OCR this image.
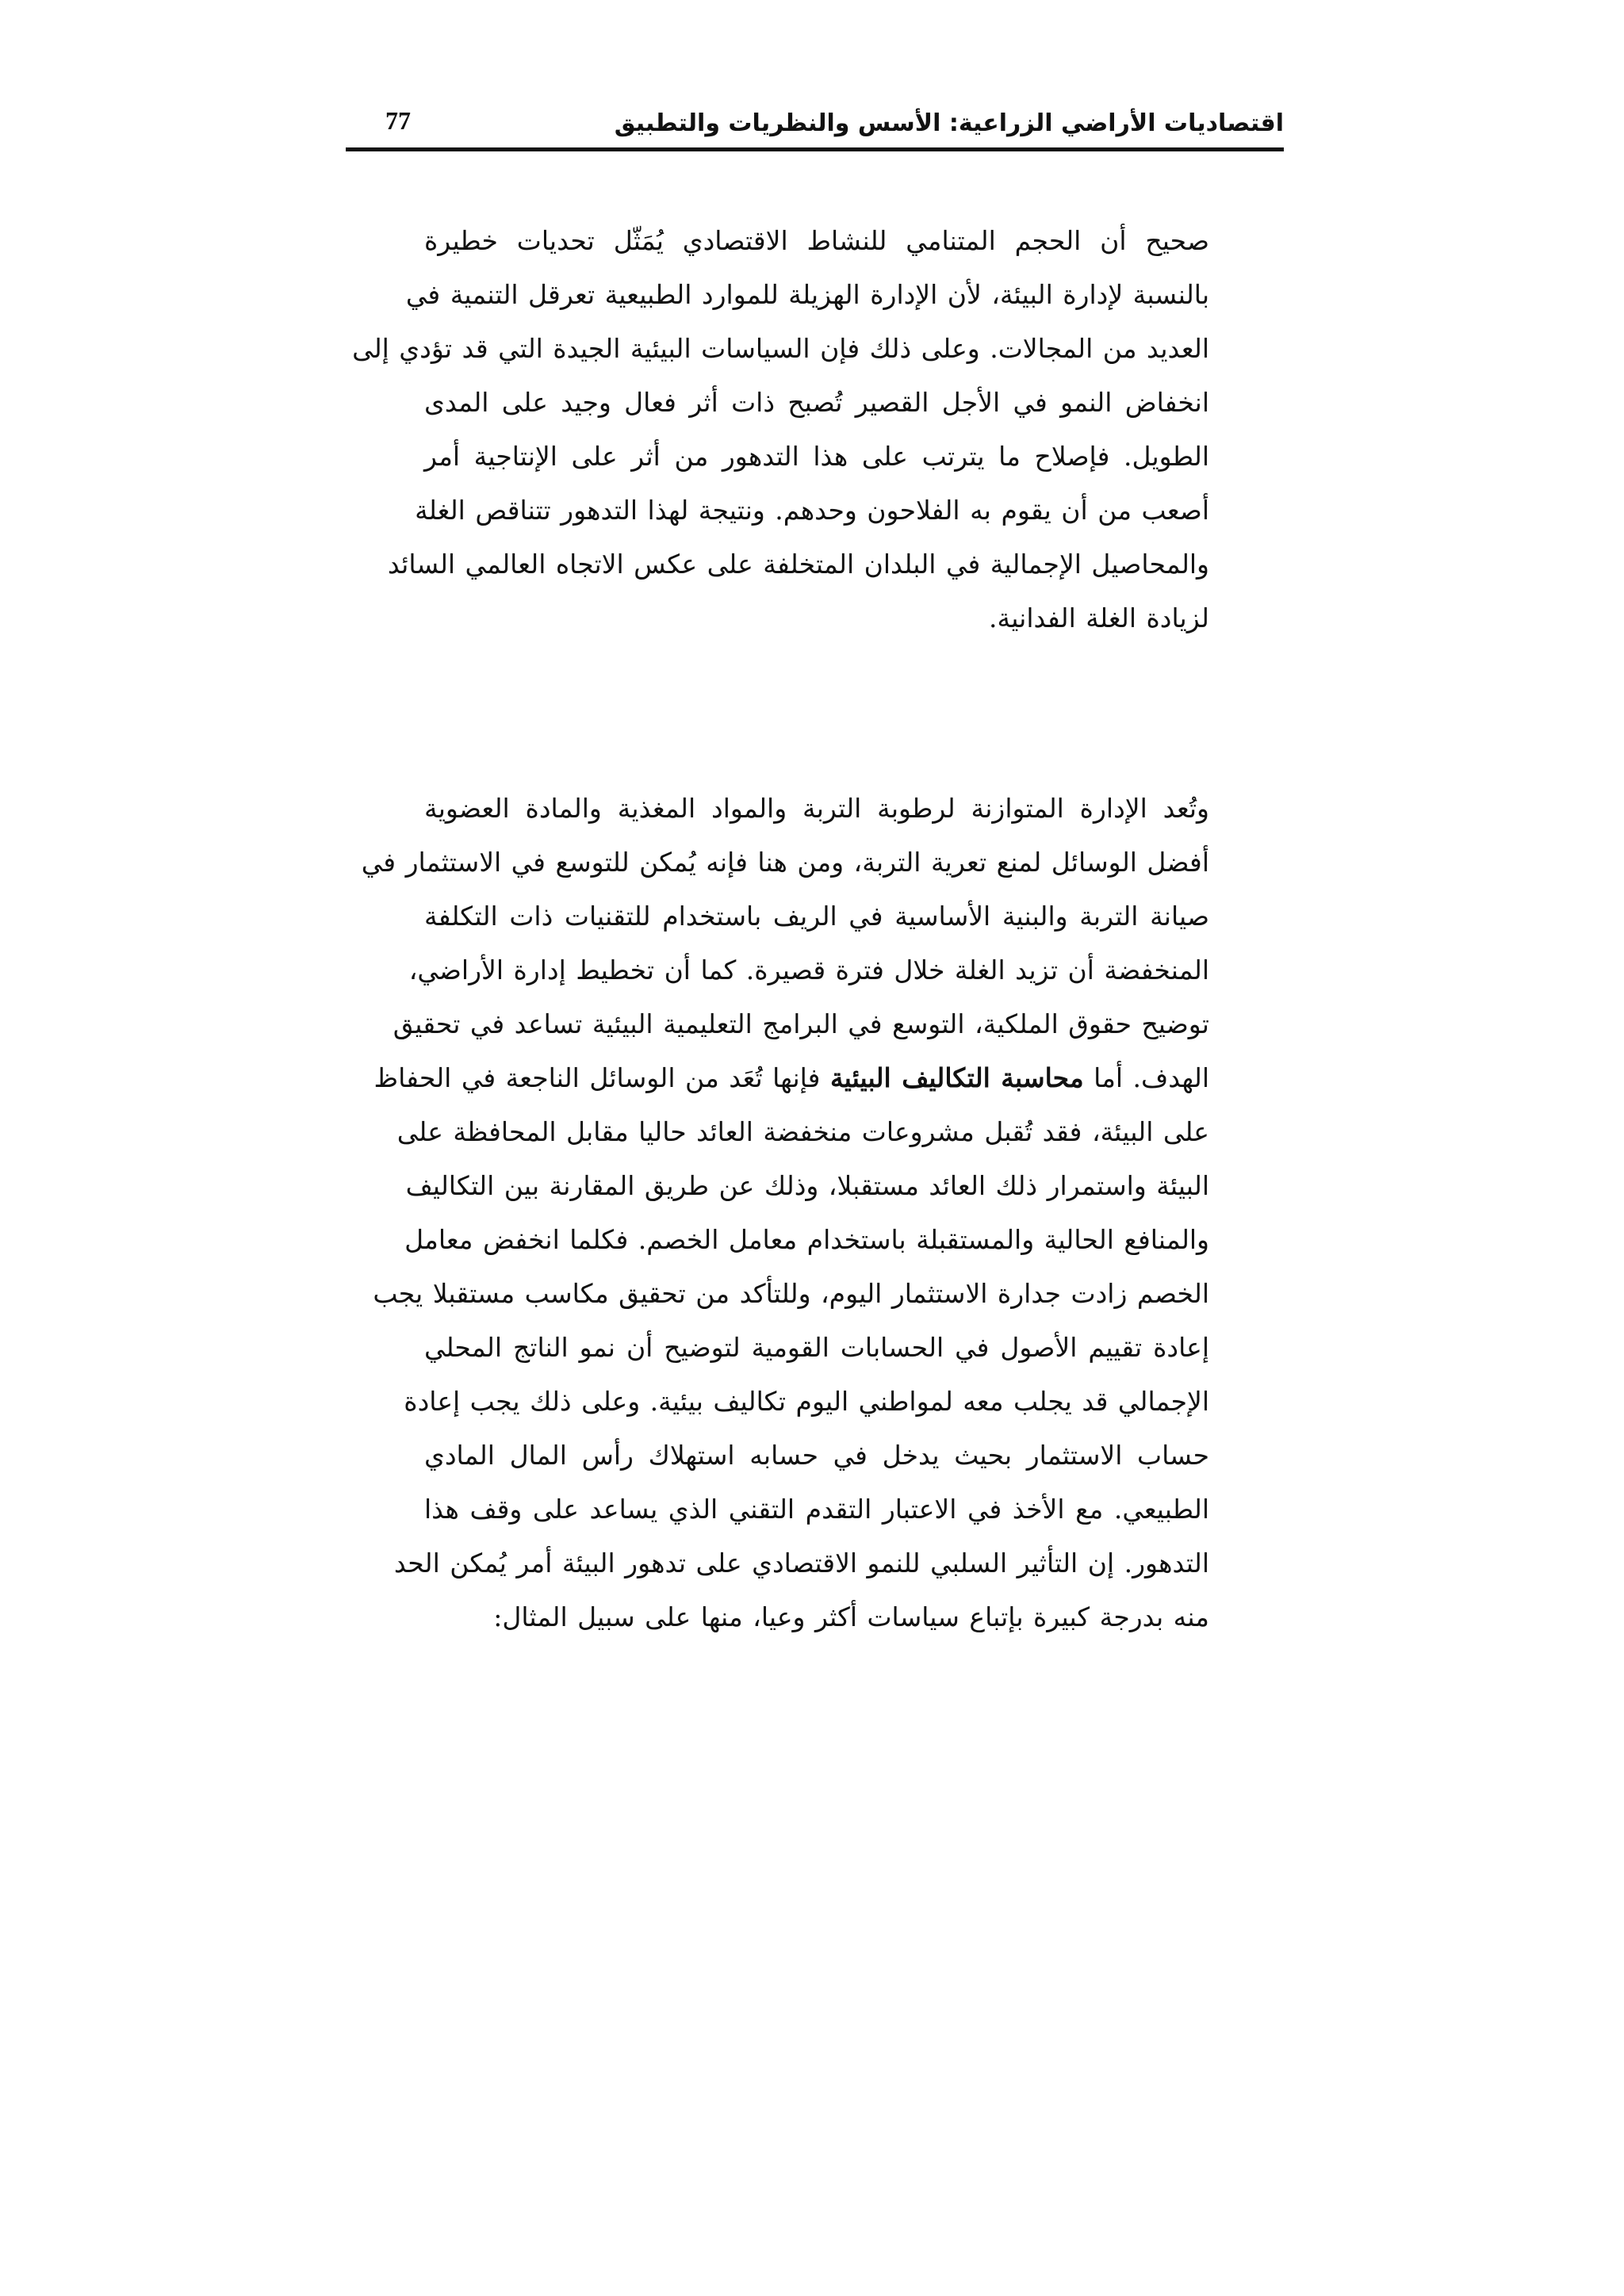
اقتصاديات الأراضي الزراعية: الأسس والنظريات والتطبيق
77
صحيح أن الحجم المتنامي للنشاط الاقتصادي يُمَثّل تحديات خطيرة
بالنسبة لإدارة البيئة، لأن الإدارة الهزيلة للموارد الطبيعية تعرقل التنمية في
العديد من المجالات. وعلى ذلك فإن السياسات البيئية الجيدة التي قد تؤدي إلى
انخفاض النمو في الأجل القصير تُصبح ذات أثر فعال وجيد على المدى
الطويل. فإصلاح ما يترتب على هذا التدهور من أثر على الإنتاجية أمر
أصعب من أن يقوم به الفلاحون وحدهم. ونتيجة لهذا التدهور تتناقص الغلة
والمحاصيل الإجمالية في البلدان المتخلفة على عكس الاتجاه العالمي السائد
لزيادة الغلة الفدانية.
وتُعد الإدارة المتوازنة لرطوبة التربة والمواد المغذية والمادة العضوية
أفضل الوسائل لمنع تعرية التربة، ومن هنا فإنه يُمكن للتوسع في الاستثمار في
صيانة التربة والبنية الأساسية في الريف باستخدام للتقنيات ذات التكلفة
المنخفضة أن تزيد الغلة خلال فترة قصيرة. كما أن تخطيط إدارة الأراضي،
توضيح حقوق الملكية، التوسع في البرامج التعليمية البيئية تساعد في تحقيق
الهدف. أما محاسبة التكاليف البيئية فإنها تُعَد من الوسائل الناجعة في الحفاظ
على البيئة، فقد تُقبل مشروعات منخفضة العائد حاليا مقابل المحافظة على
البيئة واستمرار ذلك العائد مستقبلا، وذلك عن طريق المقارنة بين التكاليف
والمنافع الحالية والمستقبلة باستخدام معامل الخصم. فكلما انخفض معامل
الخصم زادت جدارة الاستثمار اليوم، وللتأكد من تحقيق مكاسب مستقبلا يجب
إعادة تقييم الأصول في الحسابات القومية لتوضيح أن نمو الناتج المحلي
الإجمالي قد يجلب معه لمواطني اليوم تكاليف بيئية. وعلى ذلك يجب إعادة
حساب الاستثمار بحيث يدخل في حسابه استهلاك رأس المال المادي
الطبيعي. مع الأخذ في الاعتبار التقدم التقني الذي يساعد على وقف هذا
التدهور. إن التأثير السلبي للنمو الاقتصادي على تدهور البيئة أمر يُمكن الحد
منه بدرجة كبيرة بإتباع سياسات أكثر وعيا، منها على سبيل المثال:
